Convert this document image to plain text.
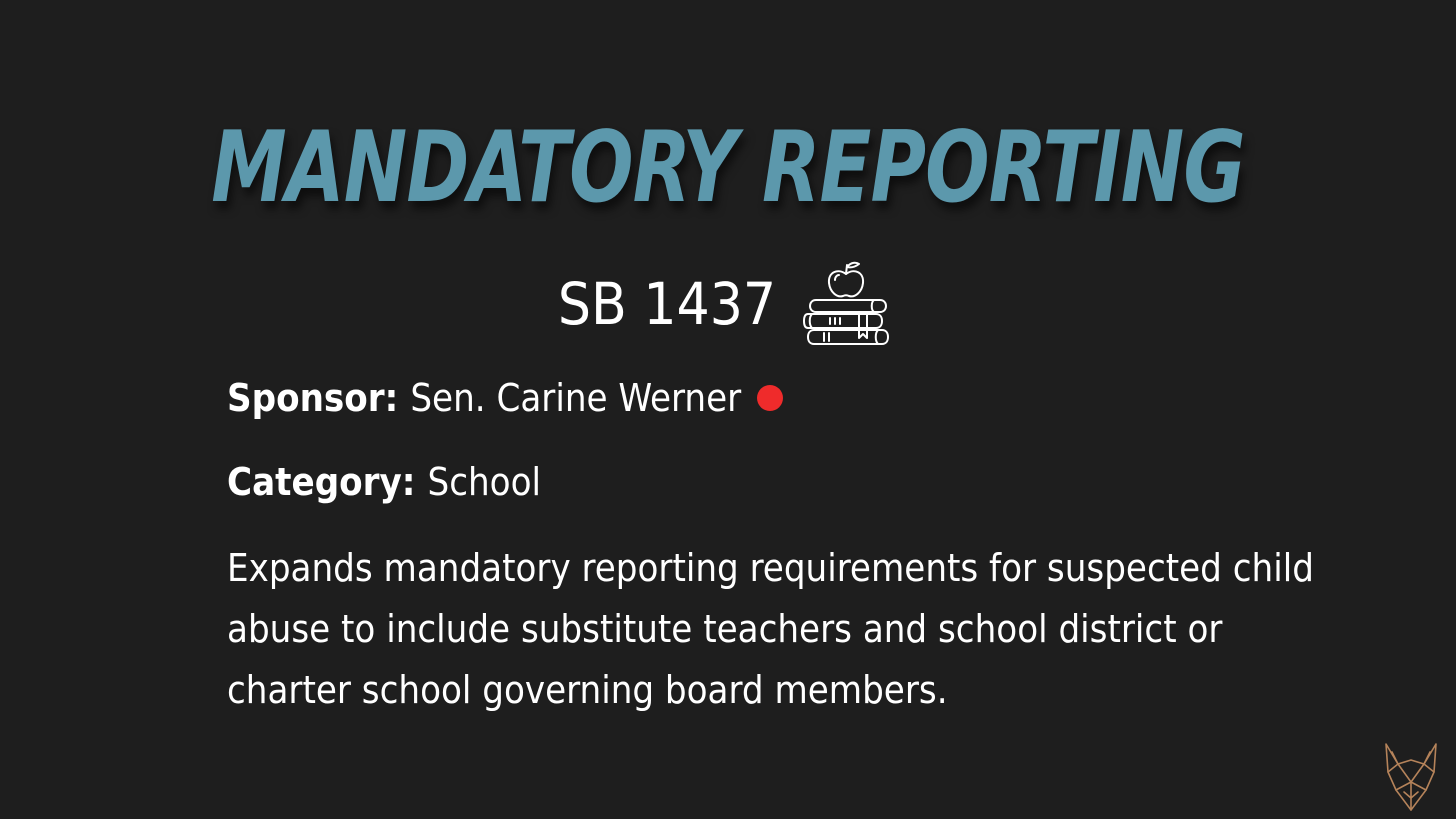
MANDATORY REPORTING
SB 1437
Sponsor: Sen. Carine Werner
Category: School

Expands mandatory reporting requirements for suspected child abuse to include substitute teachers and school district or charter school governing board members.
